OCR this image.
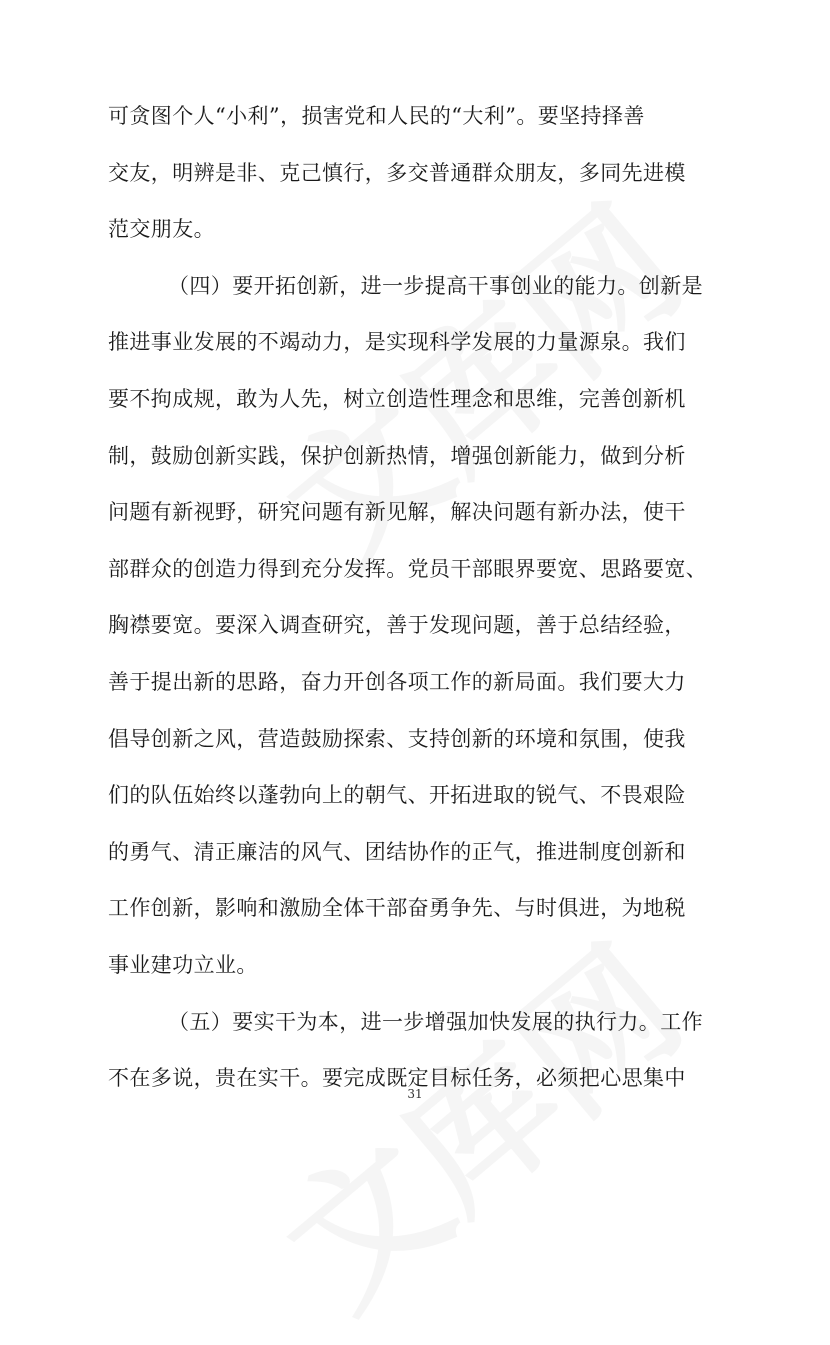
可贪图个人“小利”，损害党和人民的“大利”。要坚持择善
交友，明辨是非、克己慎行，多交普通群众朋友，多同先进模
范交朋友。
（四）要开拓创新，进一步提高干事创业的能力。创新是
推进事业发展的不竭动力，是实现科学发展的力量源泉。我们
要不拘成规，敢为人先，树立创造性理念和思维，完善创新机
制，鼓励创新实践，保护创新热情，增强创新能力，做到分析
问题有新视野，研究问题有新见解，解决问题有新办法，使干
部群众的创造力得到充分发挥。党员干部眼界要宽、思路要宽、
胸襟要宽。要深入调查研究，善于发现问题，善于总结经验，
善于提出新的思路，奋力开创各项工作的新局面。我们要大力
倡导创新之风，营造鼓励探索、支持创新的环境和氛围，使我
们的队伍始终以蓬勃向上的朝气、开拓进取的锐气、不畏艰险
的勇气、清正廉洁的风气、团结协作的正气，推进制度创新和
工作创新，影响和激励全体干部奋勇争先、与时俱进，为地税
事业建功立业。
（五）要实干为本，进一步增强加快发展的执行力。工作
不在多说，贵在实干。要完成既定目标任务，必须把心思集中
31
